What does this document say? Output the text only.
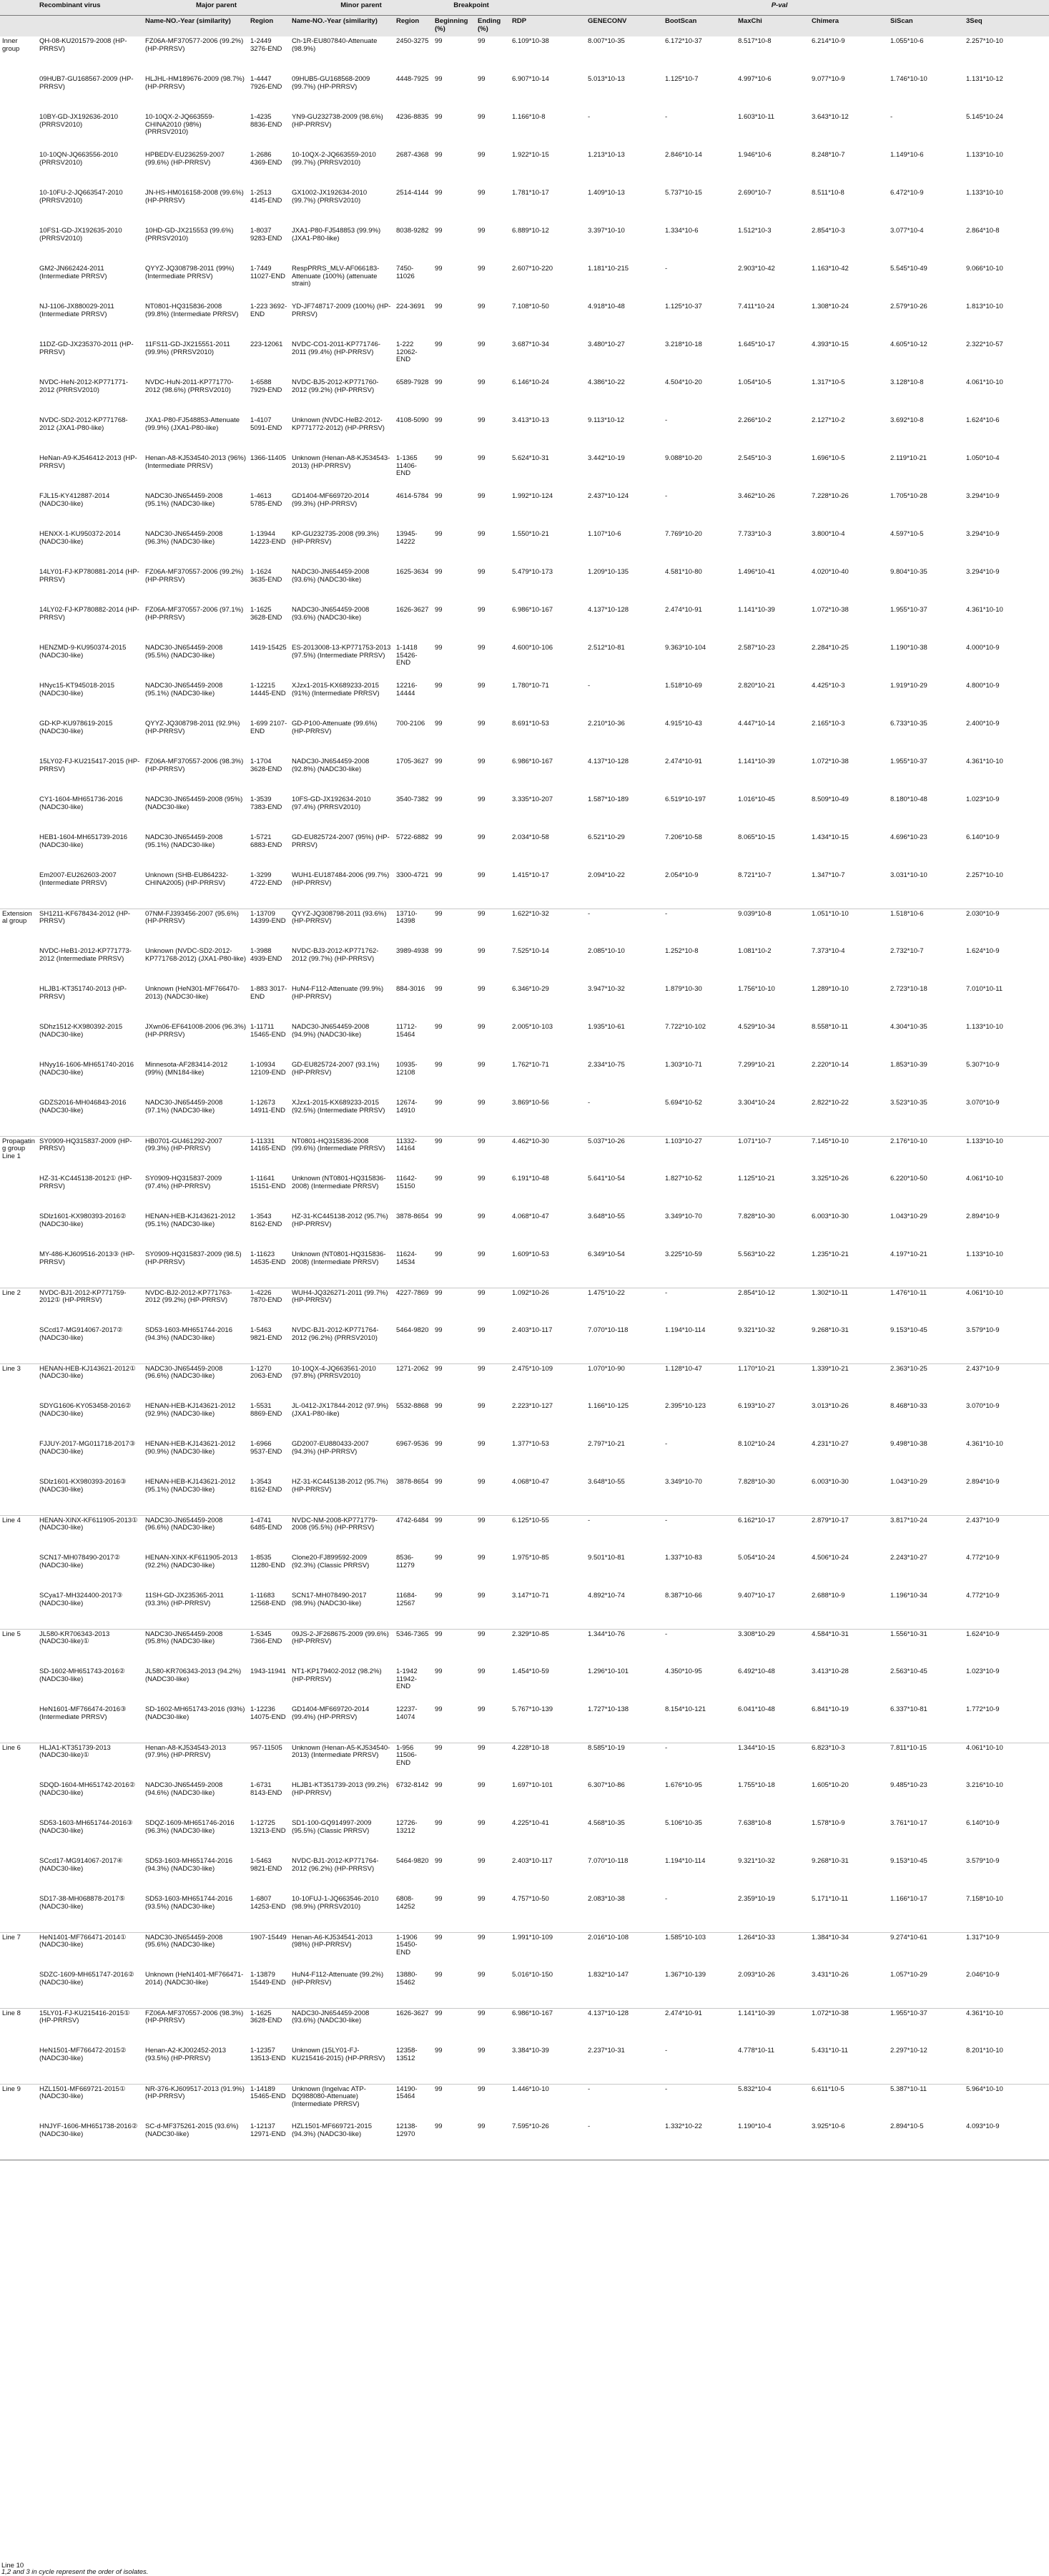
	Recombinant virus	Major parent		Minor parent		Breakpoint		P-val						
		Name-NO.-Year (similarity)	Region	Name-NO.-Year (similarity)	Region	Beginning (%)	Ending (%)	RDP	GENECONV	BootScan	MaxChi	Chimera	SiScan	3Seq
Inner group	QH-08-KU201579-2008 (HP-PRRSV)	FZ06A-MF370577-2006 (99.2%) (HP-PRRSV)	1-2449 3276-END	Ch-1R-EU807840-Attenuate (98.9%)	2450-3275	99	99	6.109*10-38	8.007*10-35	6.172*10-37	8.517*10-8	6.214*10-9	1.055*10-6	2.257*10-10
	09HUB7-GU168567-2009 (HP-PRRSV)	HLJHL-HM189676-2009 (98.7%) (HP-PRRSV)	1-4447 7926-END	09HUB5-GU168568-2009 (99.7%) (HP-PRRSV)	4448-7925	99	99	6.907*10-14	5.013*10-13	1.125*10-7	4.997*10-6	9.077*10-9	1.746*10-10	1.131*10-12
	10BY-GD-JX192636-2010 (PRRSV2010)	10-10QX-2-JQ663559-CHINA2010 (98%) (PRRSV2010)	1-4235 8836-END	YN9-GU232738-2009 (98.6%) (HP-PRRSV)	4236-8835	99	99	1.166*10-8	-	-	1.603*10-11	3.643*10-12	-	5.145*10-24
	10-10QN-JQ663556-2010 (PRRSV2010)	HPBEDV-EU236259-2007 (99.6%) (HP-PRRSV)	1-2686 4369-END	10-10QX-2-JQ663559-2010 (99.7%) (PRRSV2010)	2687-4368	99	99	1.922*10-15	1.213*10-13	2.846*10-14	1.946*10-6	8.248*10-7	1.149*10-6	1.133*10-10
	10-10FU-2-JQ663547-2010 (PRRSV2010)	JN-HS-HM016158-2008 (99.6%) (HP-PRRSV)	1-2513 4145-END	GX1002-JX192634-2010 (99.7%) (PRRSV2010)	2514-4144	99	99	1.781*10-17	1.409*10-13	5.737*10-15	2.690*10-7	8.511*10-8	6.472*10-9	1.133*10-10
	10FS1-GD-JX192635-2010 (PRRSV2010)	10HD-GD-JX215553 (99.6%) (PRRSV2010)	1-8037 9283-END	JXA1-P80-FJ548853 (99.9%) (JXA1-P80-like)	8038-9282	99	99	6.889*10-12	3.397*10-10	1.334*10-6	1.512*10-3	2.854*10-3	3.077*10-4	2.864*10-8
	GM2-JN662424-2011 (Intermediate PRRSV)	QYYZ-JQ308798-2011 (99%) (Intermediate PRRSV)	1-7449 11027-END	RespPRRS_MLV-AF066183-Attenuate (100%) (attenuate strain)	7450-11026	99	99	2.607*10-220	1.181*10-215	-	2.903*10-42	1.163*10-42	5.545*10-49	9.066*10-10
	NJ-1106-JX880029-2011 (Intermediate PRRSV)	NT0801-HQ315836-2008 (99.8%) (Intermediate PRRSV)	1-223 3692-END	YD-JF748717-2009 (100%) (HP-PRRSV)	224-3691	99	99	7.108*10-50	4.918*10-48	1.125*10-37	7.411*10-24	1.308*10-24	2.579*10-26	1.813*10-10
	11DZ-GD-JX235370-2011 (HP-PRRSV)	11FS11-GD-JX215551-2011 (99.9%) (PRRSV2010)	223-12061	NVDC-CO1-2011-KP771746-2011 (99.4%) (HP-PRRSV)	1-222 12062-END	99	99	3.687*10-34	3.480*10-27	3.218*10-18	1.645*10-17	4.393*10-15	4.605*10-12	2.322*10-57
	NVDC-HeN-2012-KP771771-2012 (PRRSV2010)	NVDC-HuN-2011-KP771770-2012 (98.6%) (PRRSV2010)	1-6588 7929-END	NVDC-BJ5-2012-KP771760-2012 (99.2%) (HP-PRRSV)	6589-7928	99	99	6.146*10-24	4.386*10-22	4.504*10-20	1.054*10-5	1.317*10-5	3.128*10-8	4.061*10-10
	NVDC-SD2-2012-KP771768-2012 (JXA1-P80-like)	JXA1-P80-FJ548853-Attenuate (99.9%) (JXA1-P80-like)	1-4107 5091-END	Unknown (NVDC-HeB2-2012-KP771772-2012) (HP-PRRSV)	4108-5090	99	99	3.413*10-13	9.113*10-12	-	2.266*10-2	2.127*10-2	3.692*10-8	1.624*10-6
	HeNan-A9-KJ546412-2013 (HP-PRRSV)	Henan-A8-KJ534540-2013 (96%) (Intermediate PRRSV)	1366-11405	Unknown (Henan-A8-KJ534543-2013) (HP-PRRSV)	1-1365 11406-END	99	99	5.624*10-31	3.442*10-19	9.088*10-20	2.545*10-3	1.696*10-5	2.119*10-21	1.050*10-4
	FJL15-KY412887-2014 (NADC30-like)	NADC30-JN654459-2008 (95.1%) (NADC30-like)	1-4613 5785-END	GD1404-MF669720-2014 (99.3%) (HP-PRRSV)	4614-5784	99	99	1.992*10-124	2.437*10-124	-	3.462*10-26	7.228*10-26	1.705*10-28	3.294*10-9
	HENXX-1-KU950372-2014 (NADC30-like)	NADC30-JN654459-2008 (96.3%) (NADC30-like)	1-13944 14223-END	KP-GU232735-2008 (99.3%) (HP-PRRSV)	13945-14222	99	99	1.550*10-21	1.107*10-6	7.769*10-20	7.733*10-3	3.800*10-4	4.597*10-5	3.294*10-9
	14LY01-FJ-KP780881-2014 (HP-PRRSV)	FZ06A-MF370557-2006 (99.2%) (HP-PRRSV)	1-1624 3635-END	NADC30-JN654459-2008 (93.6%) (NADC30-like)	1625-3634	99	99	5.479*10-173	1.209*10-135	4.581*10-80	1.496*10-41	4.020*10-40	9.804*10-35	3.294*10-9
	14LY02-FJ-KP780882-2014 (HP-PRRSV)	FZ06A-MF370557-2006 (97.1%) (HP-PRRSV)	1-1625 3628-END	NADC30-JN654459-2008 (93.6%) (NADC30-like)	1626-3627	99	99	6.986*10-167	4.137*10-128	2.474*10-91	1.141*10-39	1.072*10-38	1.955*10-37	4.361*10-10
	HENZMD-9-KU950374-2015 (NADC30-like)	NADC30-JN654459-2008 (95.5%) (NADC30-like)	1419-15425	ES-2013008-13-KP771753-2013 (97.5%) (Intermediate PRRSV)	1-1418 15426-END	99	99	4.600*10-106	2.512*10-81	9.363*10-104	2.587*10-23	2.284*10-25	1.190*10-38	4.000*10-9
	HNyc15-KT945018-2015 (NADC30-like)	NADC30-JN654459-2008 (95.1%) (NADC30-like)	1-12215 14445-END	XJzx1-2015-KX689233-2015 (91%) (Intermediate PRRSV)	12216-14444	99	99	1.780*10-71	-	1.518*10-69	2.820*10-21	4.425*10-3	1.919*10-29	4.800*10-9
	GD-KP-KU978619-2015 (NADC30-like)	QYYZ-JQ308798-2011 (92.9%) (HP-PRRSV)	1-699 2107-END	GD-P100-Attenuate (99.6%) (HP-PRRSV)	700-2106	99	99	8.691*10-53	2.210*10-36	4.915*10-43	4.447*10-14	2.165*10-3	6.733*10-35	2.400*10-9
	15LY02-FJ-KU215417-2015 (HP-PRRSV)	FZ06A-MF370557-2006 (98.3%) (HP-PRRSV)	1-1704 3628-END	NADC30-JN654459-2008 (92.8%) (NADC30-like)	1705-3627	99	99	6.986*10-167	4.137*10-128	2.474*10-91	1.141*10-39	1.072*10-38	1.955*10-37	4.361*10-10
	CY1-1604-MH651736-2016 (NADC30-like)	NADC30-JN654459-2008 (95%) (NADC30-like)	1-3539 7383-END	10FS-GD-JX192634-2010 (97.4%) (PRRSV2010)	3540-7382	99	99	3.335*10-207	1.587*10-189	6.519*10-197	1.016*10-45	8.509*10-49	8.180*10-48	1.023*10-9
	HEB1-1604-MH651739-2016 (NADC30-like)	NADC30-JN654459-2008 (95.1%) (NADC30-like)	1-5721 6883-END	GD-EU825724-2007 (95%) (HP-PRRSV)	5722-6882	99	99	2.034*10-58	6.521*10-29	7.206*10-58	8.065*10-15	1.434*10-15	4.696*10-23	6.140*10-9
	Em2007-EU262603-2007 (Intermediate PRRSV)	Unknown (SHB-EU864232-CHINA2005) (HP-PRRSV)	1-3299 4722-END	WUH1-EU187484-2006 (99.7%) (HP-PRRSV)	3300-4721	99	99	1.415*10-17	2.094*10-22	2.054*10-9	8.721*10-7	1.347*10-7	3.031*10-10	2.257*10-10
Extensional group	SH1211-KF678434-2012 (HP-PRRSV)	07NM-FJ393456-2007 (95.6%) (HP-PRRSV)	1-13709 14399-END	QYYZ-JQ308798-2011 (93.6%) (HP-PRRSV)	13710-14398	99	99	1.622*10-32	-	-	9.039*10-8	1.051*10-10	1.518*10-6	2.030*10-9
	NVDC-HeB1-2012-KP771773-2012 (Intermediate PRRSV)	Unknown (NVDC-SD2-2012-KP771768-2012) (JXA1-P80-like)	1-3988 4939-END	NVDC-BJ3-2012-KP771762-2012 (99.7%) (HP-PRRSV)	3989-4938	99	99	7.525*10-14	2.085*10-10	1.252*10-8	1.081*10-2	7.373*10-4	2.732*10-7	1.624*10-9
	HLJB1-KT351740-2013 (HP-PRRSV)	Unknown (HeN301-MF766470-2013) (NADC30-like)	1-883 3017-END	HuN4-F112-Attenuate (99.9%) (HP-PRRSV)	884-3016	99	99	6.346*10-29	3.947*10-32	1.879*10-30	1.756*10-10	1.289*10-10	2.723*10-18	7.010*10-11
	SDhz1512-KX980392-2015 (NADC30-like)	JXwn06-EF641008-2006 (96.3%) (HP-PRRSV)	1-11711 15465-END	NADC30-JN654459-2008 (94.9%) (NADC30-like)	11712-15464	99	99	2.005*10-103	1.935*10-61	7.722*10-102	4.529*10-34	8.558*10-11	4.304*10-35	1.133*10-10
	HNyy16-1606-MH651740-2016 (NADC30-like)	Minnesota-AF283414-2012 (99%) (MN184-like)	1-10934 12109-END	GD-EU825724-2007 (93.1%) (HP-PRRSV)	10935-12108	99	99	1.762*10-71	2.334*10-75	1.303*10-71	7.299*10-21	2.220*10-14	1.853*10-39	5.307*10-9
	GDZS2016-MH046843-2016 (NADC30-like)	NADC30-JN654459-2008 (97.1%) (NADC30-like)	1-12673 14911-END	XJzx1-2015-KX689233-2015 (92.5%) (Intermediate PRRSV)	12674-14910	99	99	3.869*10-56	-	5.694*10-52	3.304*10-24	2.822*10-22	3.523*10-35	3.070*10-9
Propagating group
Line 1	SY0909-HQ315837-2009 (HP-PRRSV)	HB0701-GU461292-2007 (99.3%) (HP-PRRSV)	1-11331 14165-END	NT0801-HQ315836-2008 (99.6%) (Intermediate PRRSV)	11332-14164	99	99	4.462*10-30	5.037*10-26	1.103*10-27	1.071*10-7	7.145*10-10	2.176*10-10	1.133*10-10
	HZ-31-KC445138-2012① (HP-PRRSV)	SY0909-HQ315837-2009 (97.4%) (HP-PRRSV)	1-11641 15151-END	Unknown (NT0801-HQ315836-2008) (Intermediate PRRSV)	11642-15150	99	99	6.191*10-48	5.641*10-54	1.827*10-52	1.125*10-21	3.325*10-26	6.220*10-50	4.061*10-10
	SDlz1601-KX980393-2016② (NADC30-like)	HENAN-HEB-KJ143621-2012 (95.1%) (NADC30-like)	1-3543 8162-END	HZ-31-KC445138-2012 (95.7%) (HP-PRRSV)	3878-8654	99	99	4.068*10-47	3.648*10-55	3.349*10-70	7.828*10-30	6.003*10-30	1.043*10-29	2.894*10-9
	MY-486-KJ609516-2013③ (HP-PRRSV)	SY0909-HQ315837-2009 (98.5) (HP-PRRSV)	1-11623 14535-END	Unknown (NT0801-HQ315836-2008) (Intermediate PRRSV)	11624-14534	99	99	1.609*10-53	6.349*10-54	3.225*10-59	5.563*10-22	1.235*10-21	4.197*10-21	1.133*10-10
Line 2	NVDC-BJ1-2012-KP771759-2012① (HP-PRRSV)	NVDC-BJ2-2012-KP771763-2012 (99.2%) (HP-PRRSV)	1-4226 7870-END	WUH4-JQ326271-2011 (99.7%) (HP-PRRSV)	4227-7869	99	99	1.092*10-26	1.475*10-22	-	2.854*10-12	1.302*10-11	1.476*10-11	4.061*10-10
	SCcd17-MG914067-2017② (NADC30-like)	SD53-1603-MH651744-2016 (94.3%) (NADC30-like)	1-5463 9821-END	NVDC-BJ1-2012-KP771764-2012 (96.2%) (PRRSV2010)	5464-9820	99	99	2.403*10-117	7.070*10-118	1.194*10-114	9.321*10-32	9.268*10-31	9.153*10-45	3.579*10-9
Line 3	HENAN-HEB-KJ143621-2012① (NADC30-like)	NADC30-JN654459-2008 (96.6%) (NADC30-like)	1-1270 2063-END	10-10QX-4-JQ663561-2010 (97.8%) (PRRSV2010)	1271-2062	99	99	2.475*10-109	1.070*10-90	1.128*10-47	1.170*10-21	1.339*10-21	2.363*10-25	2.437*10-9
	SDYG1606-KY053458-2016② (NADC30-like)	HENAN-HEB-KJ143621-2012 (92.9%) (NADC30-like)	1-5531 8869-END	JL-0412-JX17844-2012 (97.9%) (JXA1-P80-like)	5532-8868	99	99	2.223*10-127	1.166*10-125	2.395*10-123	6.193*10-27	3.013*10-26	8.468*10-33	3.070*10-9
	FJJUY-2017-MG011718-2017③ (NADC30-like)	HENAN-HEB-KJ143621-2012 (90.9%) (NADC30-like)	1-6966 9537-END	GD2007-EU880433-2007 (94.3%) (HP-PRRSV)	6967-9536	99	99	1.377*10-53	2.797*10-21	-	8.102*10-24	4.231*10-27	9.498*10-38	4.361*10-10
	SDlz1601-KX980393-2016③ (NADC30-like)	HENAN-HEB-KJ143621-2012 (95.1%) (NADC30-like)	1-3543 8162-END	HZ-31-KC445138-2012 (95.7%) (HP-PRRSV)	3878-8654	99	99	4.068*10-47	3.648*10-55	3.349*10-70	7.828*10-30	6.003*10-30	1.043*10-29	2.894*10-9
Line 4	HENAN-XINX-KF611905-2013① (NADC30-like)	NADC30-JN654459-2008 (96.6%) (NADC30-like)	1-4741 6485-END	NVDC-NM-2008-KP771779-2008 (95.5%) (HP-PRRSV)	4742-6484	99	99	6.125*10-55	-	-	6.162*10-17	2.879*10-17	3.817*10-24	2.437*10-9
	SCN17-MH078490-2017② (NADC30-like)	HENAN-XINX-KF611905-2013 (92.2%) (NADC30-like)	1-8535 11280-END	Clone20-FJ899592-2009 (92.3%) (Classic PRRSV)	8536-11279	99	99	1.975*10-85	9.501*10-81	1.337*10-83	5.054*10-24	4.506*10-24	2.243*10-27	4.772*10-9
	SCya17-MH324400-2017③ (NADC30-like)	11SH-GD-JX235365-2011 (93.3%) (HP-PRRSV)	1-11683 12568-END	SCN17-MH078490-2017 (98.9%) (NADC30-like)	11684-12567	99	99	3.147*10-71	4.892*10-74	8.387*10-66	9.407*10-17	2.688*10-9	1.196*10-34	4.772*10-9
Line 5	JL580-KR706343-2013 (NADC30-like)①	NADC30-JN654459-2008 (95.8%) (NADC30-like)	1-5345 7366-END	09JS-2-JF268675-2009 (99.6%) (HP-PRRSV)	5346-7365	99	99	2.329*10-85	1.344*10-76	-	3.308*10-29	4.584*10-31	1.556*10-31	1.624*10-9
	SD-1602-MH651743-2016② (NADC30-like)	JL580-KR706343-2013 (94.2%) (NADC30-like)	1943-11941	NT1-KP179402-2012 (98.2%) (HP-PRRSV)	1-1942 11942-END	99	99	1.454*10-59	1.296*10-101	4.350*10-95	6.492*10-48	3.413*10-28	2.563*10-45	1.023*10-9
	HeN1601-MF766474-2016③ (Intermediate PRRSV)	SD-1602-MH651743-2016 (93%) (NADC30-like)	1-12236 14075-END	GD1404-MF669720-2014 (99.4%) (HP-PRRSV)	12237-14074	99	99	5.767*10-139	1.727*10-138	8.154*10-121	6.041*10-48	6.841*10-19	6.337*10-81	1.772*10-9
Line 6	HLJA1-KT351739-2013 (NADC30-like)①	Henan-A8-KJ534543-2013 (97.9%) (HP-PRRSV)	957-11505	Unknown (Henan-A5-KJ534540-2013) (Intermediate PRRSV)	1-956 11506-END	99	99	4.228*10-18	8.585*10-19	-	1.344*10-15	6.823*10-3	7.811*10-15	4.061*10-10
	SDQD-1604-MH651742-2016② (NADC30-like)	NADC30-JN654459-2008 (94.6%) (NADC30-like)	1-6731 8143-END	HLJB1-KT351739-2013 (99.2%) (HP-PRRSV)	6732-8142	99	99	1.697*10-101	6.307*10-86	1.676*10-95	1.755*10-18	1.605*10-20	9.485*10-23	3.216*10-10
	SD53-1603-MH651744-2016③ (NADC30-like)	SDQZ-1609-MH651746-2016 (96.3%) (NADC30-like)	1-12725 13213-END	SD1-100-GQ914997-2009 (95.5%) (Classic PRRSV)	12726-13212	99	99	4.225*10-41	4.568*10-35	5.106*10-35	7.638*10-8	1.578*10-9	3.761*10-17	6.140*10-9
	SCcd17-MG914067-2017④ (NADC30-like)	SD53-1603-MH651744-2016 (94.3%) (NADC30-like)	1-5463 9821-END	NVDC-BJ1-2012-KP771764-2012 (96.2%) (HP-PRRSV)	5464-9820	99	99	2.403*10-117	7.070*10-118	1.194*10-114	9.321*10-32	9.268*10-31	9.153*10-45	3.579*10-9
	SD17-38-MH068878-2017⑤ (NADC30-like)	SD53-1603-MH651744-2016 (93.5%) (NADC30-like)	1-6807 14253-END	10-10FUJ-1-JQ663546-2010 (98.9%) (PRRSV2010)	6808-14252	99	99	4.757*10-50	2.083*10-38	-	2.359*10-19	5.171*10-11	1.166*10-17	7.158*10-10
Line 7	HeN1401-MF766471-2014① (NADC30-like)	NADC30-JN654459-2008 (95.6%) (NADC30-like)	1907-15449	Henan-A6-KJ534541-2013 (98%) (HP-PRRSV)	1-1906 15450-END	99	99	1.991*10-109	2.016*10-108	1.585*10-103	1.264*10-33	1.384*10-34	9.274*10-61	1.317*10-9
	SDZC-1609-MH651747-2016② (NADC30-like)	Unknown (HeN1401-MF766471-2014) (NADC30-like)	1-13879 15449-END	HuN4-F112-Attenuate (99.2%) (HP-PRRSV)	13880-15462	99	99	5.016*10-150	1.832*10-147	1.367*10-139	2.093*10-26	3.431*10-26	1.057*10-29	2.046*10-9
Line 8	15LY01-FJ-KU215416-2015① (HP-PRRSV)	FZ06A-MF370557-2006 (98.3%) (HP-PRRSV)	1-1625 3628-END	NADC30-JN654459-2008 (93.6%) (NADC30-like)	1626-3627	99	99	6.986*10-167	4.137*10-128	2.474*10-91	1.141*10-39	1.072*10-38	1.955*10-37	4.361*10-10
	HeN1501-MF766472-2015② (NADC30-like)	Henan-A2-KJ002452-2013 (93.5%) (HP-PRRSV)	1-12357 13513-END	Unknown (15LY01-FJ-KU215416-2015) (HP-PRRSV)	12358-13512	99	99	3.384*10-39	2.237*10-31	-	4.778*10-11	5.431*10-11	2.297*10-12	8.201*10-10
Line 9	HZL1501-MF669721-2015① (NADC30-like)	NR-376-KJ609517-2013 (91.9%) (HP-PRRSV)	1-14189 15465-END	Unknown (Ingelvac ATP-DQ988080-Attenuate) (Intermediate PRRSV)	14190-15464	99	99	1.446*10-10	-	-	5.832*10-4	6.611*10-5	5.387*10-11	5.964*10-10
	HNJYF-1606-MH651738-2016② (NADC30-like)	SC-d-MF375261-2015 (93.6%) (NADC30-like)	1-12137 12971-END	HZL1501-MF669721-2015 (94.3%) (NADC30-like)	12138-12970	99	99	7.595*10-26	-	1.332*10-22	1.190*10-4	3.925*10-6	2.894*10-5	4.093*10-9
Line 10
1,2 and 3 in cycle represent the order of isolates.
